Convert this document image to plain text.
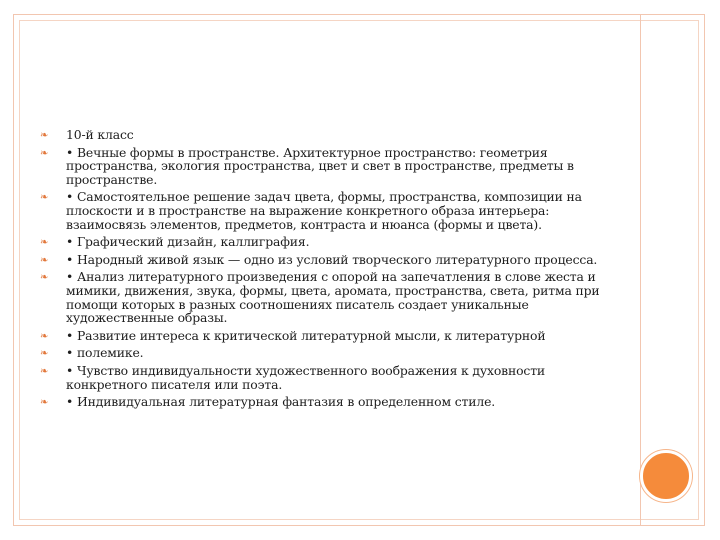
❧ 10-й класс
❧ • Вечные формы в пространстве. Архитектурное пространство: геометрия пространства, экология пространства, цвет и свет в пространстве, предметы в пространстве.
❧ • Самостоятельное решение задач цвета, формы, пространства, композиции на плоскости и в пространстве на выражение конкретного образа интерьера: взаимосвязь элементов, предметов, контраста и нюанса (формы и цвета).
❧ • Графический дизайн, каллиграфия.
❧ • Народный живой язык — одно из условий творческого литературного процесса.
❧ • Анализ литературного произведения с опорой на запечатления в слове жеста и мимики, движения, звука, формы, цвета, аромата, пространства, света, ритма при помощи которых в разных соотношениях писатель создает уникальные художественные образы.
❧ • Развитие интереса к критической литературной мысли, к литературной
❧ • полемике.
❧ • Чувство индивидуальности художественного воображения к духовности конкретного писателя или поэта.
❧ • Индивидуальная литературная фантазия в определенном стиле.
